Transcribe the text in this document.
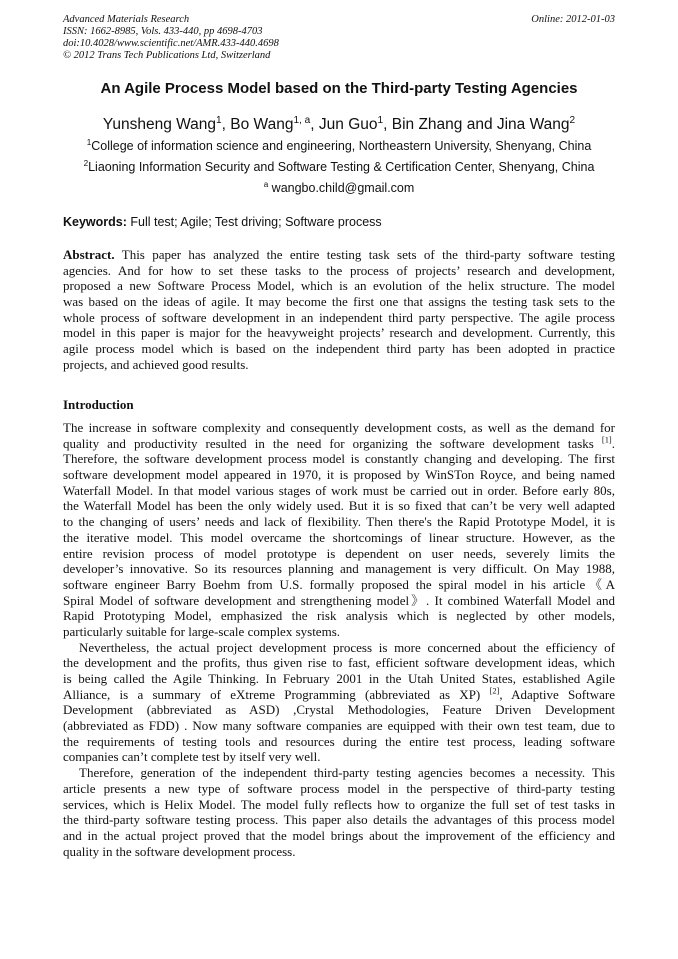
Advanced Materials Research
ISSN: 1662-8985, Vols. 433-440, pp 4698-4703
doi:10.4028/www.scientific.net/AMR.433-440.4698
© 2012 Trans Tech Publications Ltd, Switzerland
Online: 2012-01-03
An Agile Process Model based on the Third-party Testing Agencies
Yunsheng Wang$^1$, Bo Wang$^{1, a}$, Jun Guo$^1$, Bin Zhang and Jina Wang$^2$
$^1$College of information science and engineering, Northeastern University, Shenyang, China
$^2$Liaoning Information Security and Software Testing & Certification Center, Shenyang, China
$^a$ wangbo.child@gmail.com
Keywords: Full test; Agile; Test driving; Software process
Abstract. This paper has analyzed the entire testing task sets of the third-party software testing
agencies. And for how to set these tasks to the process of projects’ research and development,
proposed a new Software Process Model, which is an evolution of the helix structure. The model
was based on the ideas of agile. It may become the first one that assigns the testing task sets to the
whole process of software development in an independent third party perspective. The agile process
model in this paper is major for the heavyweight projects’ research and development. Currently, this
agile process model which is based on the independent third party has been adopted in practice
projects, and achieved good results.
Introduction
The increase in software complexity and consequently development costs, as well as the demand for
quality and productivity resulted in the need for organizing the software development tasks [1].
Therefore, the software development process model is constantly changing and developing. The first
software development model appeared in 1970, it is proposed by WinSTon Royce, and being named
Waterfall Model. In that model various stages of work must be carried out in order. Before early 80s,
the Waterfall Model has been the only widely used. But it is so fixed that can’t be very well adapted
to the changing of users’ needs and lack of flexibility. Then there's the Rapid Prototype Model, it is
the iterative model. This model overcame the shortcomings of linear structure. However, as the
entire revision process of model prototype is dependent on user needs, severely limits the
developer’s innovative. So its resources planning and management is very difficult. On May 1988,
software engineer Barry Boehm from U.S. formally proposed the spiral model in his article《A
Spiral Model of software development and strengthening model》. It combined Waterfall Model and
Rapid Prototyping Model, emphasized the risk analysis which is neglected by other models,
particularly suitable for large-scale complex systems.
Nevertheless, the actual project development process is more concerned about the efficiency of
the development and the profits, thus given rise to fast, efficient software development ideas, which
is being called the Agile Thinking. In February 2001 in the Utah United States, established Agile
Alliance, is a summary of eXtreme Programming (abbreviated as XP) [2], Adaptive Software
Development (abbreviated as ASD) ,Crystal Methodologies, Feature Driven Development
(abbreviated as FDD) . Now many software companies are equipped with their own test team, due to
the requirements of testing tools and resources during the entire test process, leading software
companies can’t complete test by itself very well.
Therefore, generation of the independent third-party testing agencies becomes a necessity. This
article presents a new type of software process model in the perspective of third-party testing
services, which is Helix Model. The model fully reflects how to organize the full set of test tasks in
the third-party software testing process. This paper also details the advantages of this process model
and in the actual project proved that the model brings about the improvement of the efficiency and
quality in the software development process.
